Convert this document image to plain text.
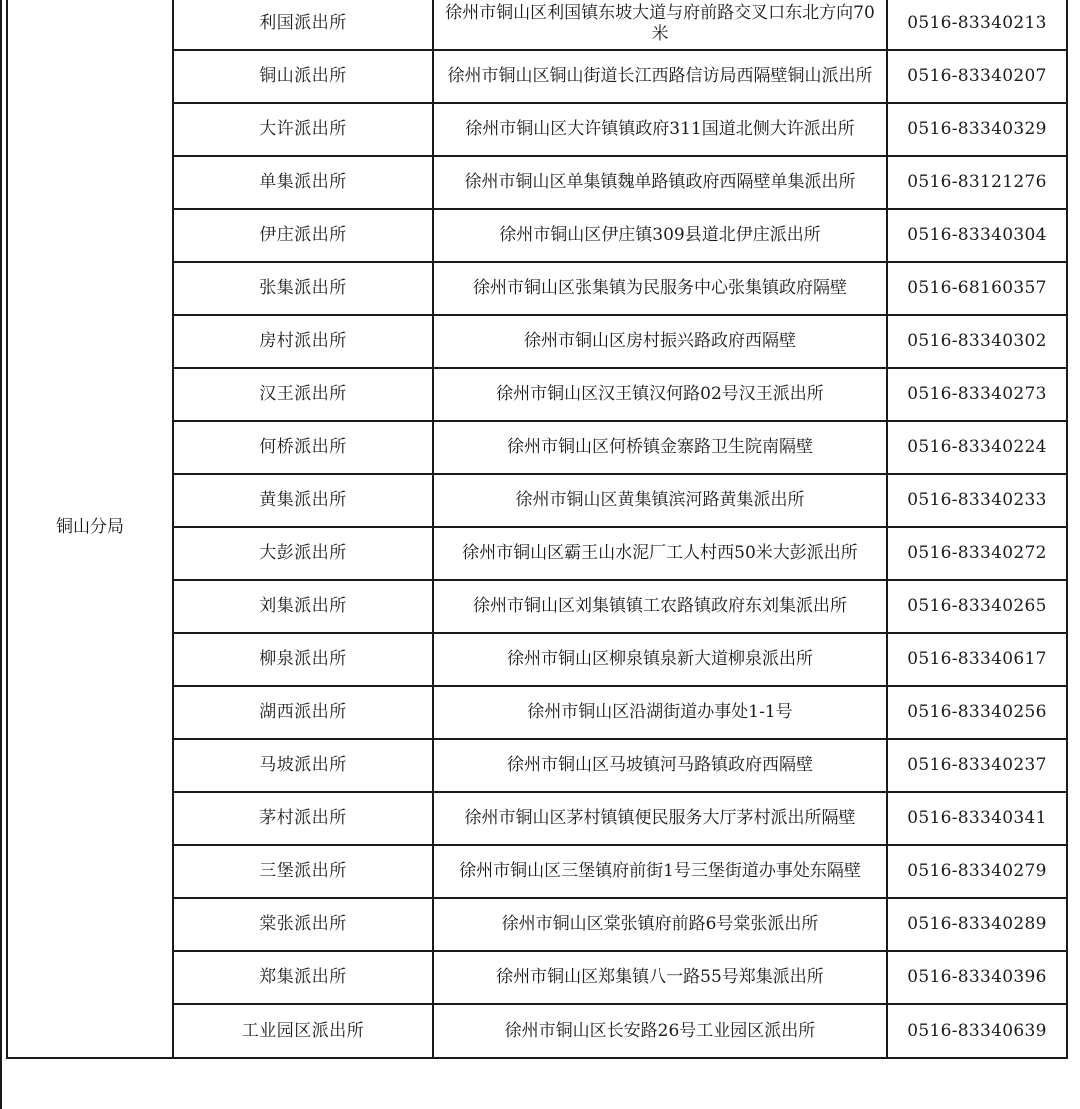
铜山分局	利国派出所	徐州市铜山区利国镇东坡大道与府前路交叉口东北方向70米	0516-83340213
	铜山派出所	徐州市铜山区铜山街道长江西路信访局西隔壁铜山派出所	0516-83340207
	大许派出所	徐州市铜山区大许镇镇政府311国道北侧大许派出所	0516-83340329
	单集派出所	徐州市铜山区单集镇魏单路镇政府西隔壁单集派出所	0516-83121276
	伊庄派出所	徐州市铜山区伊庄镇309县道北伊庄派出所	0516-83340304
	张集派出所	徐州市铜山区张集镇为民服务中心张集镇政府隔壁	0516-68160357
	房村派出所	徐州市铜山区房村振兴路政府西隔壁	0516-83340302
	汉王派出所	徐州市铜山区汉王镇汉何路02号汉王派出所	0516-83340273
	何桥派出所	徐州市铜山区何桥镇金寨路卫生院南隔壁	0516-83340224
	黄集派出所	徐州市铜山区黄集镇滨河路黄集派出所	0516-83340233
	大彭派出所	徐州市铜山区霸王山水泥厂工人村西50米大彭派出所	0516-83340272
	刘集派出所	徐州市铜山区刘集镇镇工农路镇政府东刘集派出所	0516-83340265
	柳泉派出所	徐州市铜山区柳泉镇泉新大道柳泉派出所	0516-83340617
	湖西派出所	徐州市铜山区沿湖街道办事处1-1号	0516-83340256
	马坡派出所	徐州市铜山区马坡镇河马路镇政府西隔壁	0516-83340237
	茅村派出所	徐州市铜山区茅村镇镇便民服务大厅茅村派出所隔壁	0516-83340341
	三堡派出所	徐州市铜山区三堡镇府前街1号三堡街道办事处东隔壁	0516-83340279
	棠张派出所	徐州市铜山区棠张镇府前路6号棠张派出所	0516-83340289
	郑集派出所	徐州市铜山区郑集镇八一路55号郑集派出所	0516-83340396
	工业园区派出所	徐州市铜山区长安路26号工业园区派出所	0516-83340639
